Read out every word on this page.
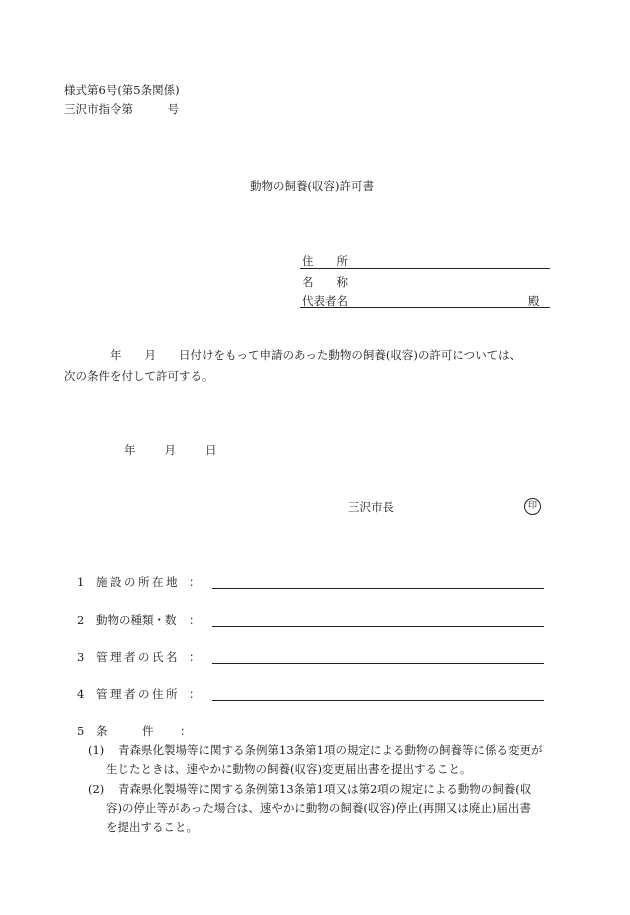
様式第6号(第5条関係)
三沢市指令第　　　号
動物の飼養(収容)許可書
住　　所
名　　称
代表者名	殿
　　　　年　　月　　日付けをもって申請のあった動物の飼養(収容)の許可については、
次の条件を付して許可する。
年　　月　　日
三沢市長	印
1 施設の所在地 ：
2 動物の種類・数 ：
3 管理者の氏名 ：
4 管理者の住所 ：
5 条　　　件 ：
(1) 青森県化製場等に関する条例第13条第1項の規定による動物の飼養等に係る変更が
生じたときは、速やかに動物の飼養(収容)変更届出書を提出すること。
(2) 青森県化製場等に関する条例第13条第1項又は第2項の規定による動物の飼養(収
容)の停止等があった場合は、速やかに動物の飼養(収容)停止(再開又は廃止)届出書
を提出すること。
